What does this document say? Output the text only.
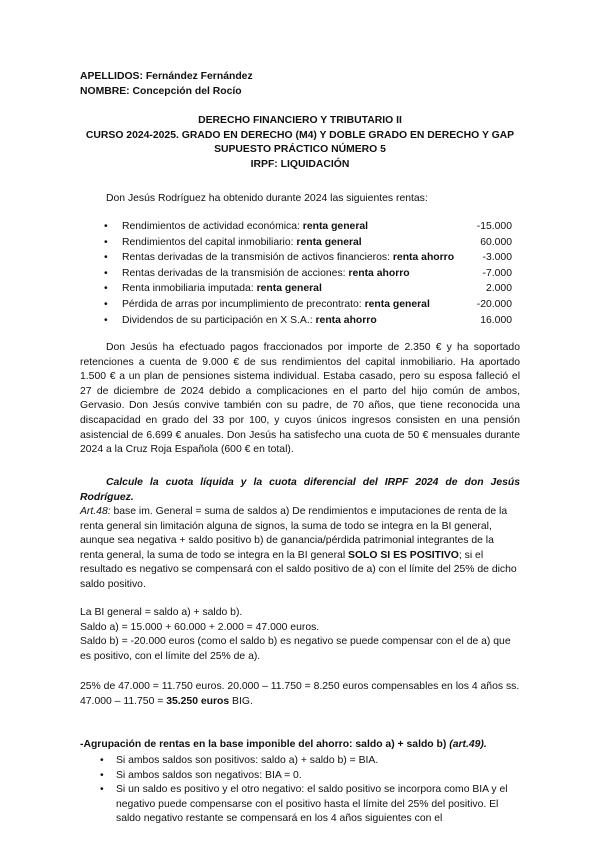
APELLIDOS: Fernández Fernández
NOMBRE: Concepción del Rocío
DERECHO FINANCIERO Y TRIBUTARIO II
CURSO 2024-2025. GRADO EN DERECHO (M4) Y DOBLE GRADO EN DERECHO Y GAP
SUPUESTO PRÁCTICO NÚMERO 5
IRPF: LIQUIDACIÓN
Don Jesús Rodríguez ha obtenido durante 2024 las siguientes rentas:
• Rendimientos de actividad económica: renta general	-15.000
• Rendimientos del capital inmobiliario: renta general	60.000
• Rentas derivadas de la transmisión de activos financieros: renta ahorro	-3.000
• Rentas derivadas de la transmisión de acciones: renta ahorro	-7.000
• Renta inmobiliaria imputada: renta general	2.000
• Pérdida de arras por incumplimiento de precontrato: renta general	-20.000
• Dividendos de su participación en X S.A.: renta ahorro	16.000
Don Jesús ha efectuado pagos fraccionados por importe de 2.350 € y ha soportado retenciones a cuenta de 9.000 € de sus rendimientos del capital inmobiliario. Ha aportado 1.500 € a un plan de pensiones sistema individual. Estaba casado, pero su esposa falleció el 27 de diciembre de 2024 debido a complicaciones en el parto del hijo común de ambos, Gervasio. Don Jesús convive también con su padre, de 70 años, que tiene reconocida una discapacidad en grado del 33 por 100, y cuyos únicos ingresos consisten en una pensión asistencial de 6.699 € anuales. Don Jesús ha satisfecho una cuota de 50 € mensuales durante 2024 a la Cruz Roja Española (600 € en total).
Calcule la cuota líquida y la cuota diferencial del IRPF 2024 de don Jesús Rodríguez.
Art.48: base im. General = suma de saldos a) De rendimientos e imputaciones de renta de la renta general sin limitación alguna de signos, la suma de todo se integra en la BI general, aunque sea negativa + saldo positivo b) de ganancia/pérdida patrimonial integrantes de la renta general, la suma de todo se integra en la BI general SOLO SI ES POSITIVO; si el resultado es negativo se compensará con el saldo positivo de a) con el límite del 25% de dicho saldo positivo.
La BI general = saldo a) + saldo b).
Saldo a) = 15.000 + 60.000 + 2.000 = 47.000 euros.
Saldo b) = -20.000 euros (como el saldo b) es negativo se puede compensar con el de a) que es positivo, con el límite del 25% de a).
25% de 47.000 = 11.750 euros. 20.000 – 11.750 = 8.250 euros compensables en los 4 años ss.
47.000 – 11.750 = 35.250 euros BIG.
-Agrupación de rentas en la base imponible del ahorro: saldo a) + saldo b) (art.49).
• Si ambos saldos son positivos: saldo a) + saldo b) = BIA.
• Si ambos saldos son negativos: BIA = 0.
• Si un saldo es positivo y el otro negativo: el saldo positivo se incorpora como BIA y el negativo puede compensarse con el positivo hasta el límite del 25% del positivo. El saldo negativo restante se compensará en los 4 años siguientes con el
